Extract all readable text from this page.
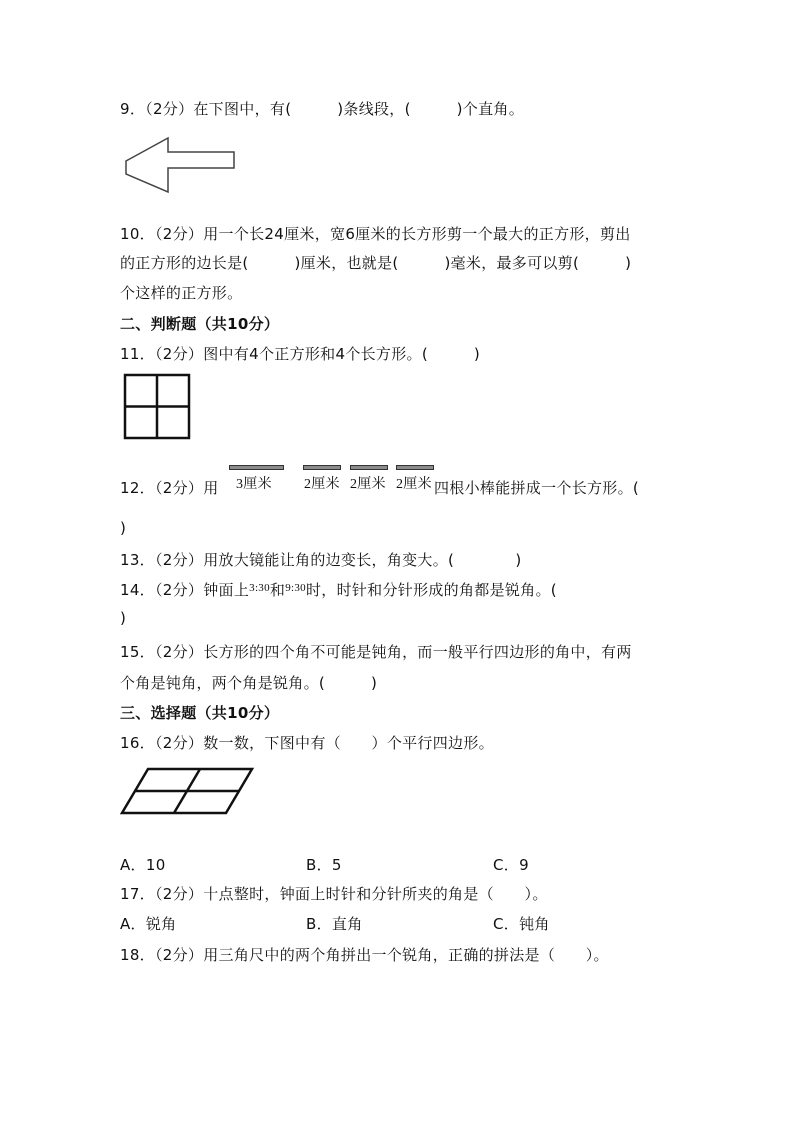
9．（2分）在下图中，有(　　　)条线段，(　　　)个直角。
10．（2分）用一个长24厘米，宽6厘米的长方形剪一个最大的正方形，剪出
的正方形的边长是(　　　)厘米，也就是(　　　)毫米，最多可以剪(　　　)
个这样的正方形。
二、判断题（共10分）
11．（2分）图中有4个正方形和4个长方形。(　　　)
12．（2分）用 3厘米 2厘米 2厘米 2厘米 四根小棒能拼成一个长方形。(
)
13．（2分）用放大镜能让角的边变长，角变大。(　　　　)
14．（2分）钟面上$^{3:30}$和$^{9:30}$时，时针和分针形成的角都是锐角。(
)
15．（2分）长方形的四个角不可能是钝角，而一般平行四边形的角中，有两
个角是钝角，两个角是锐角。(　　　)
三、选择题（共10分）
16．（2分）数一数，下图中有（　　）个平行四边形。
A．10	B．5	C．9
17．（2分）十点整时，钟面上时针和分针所夹的角是（　　）。
A．锐角	B．直角	C．钝角
18．（2分）用三角尺中的两个角拼出一个锐角，正确的拼法是（　　）。
